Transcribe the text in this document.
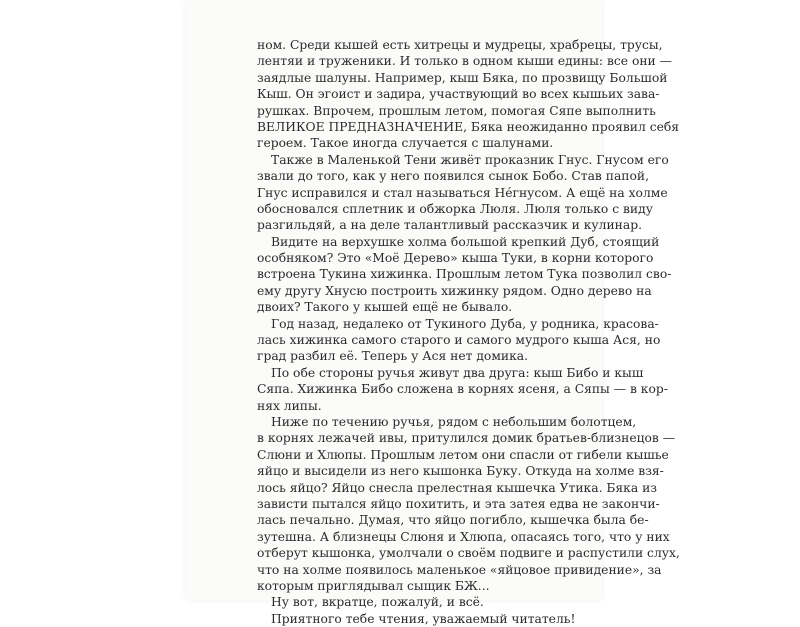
ном. Среди кышей есть хитрецы и мудрецы, храбрецы, трусы,
лентяи и труженики. И только в одном кыши едины: все они —
заядлые шалуны. Например, кыш Бяка, по прозвищу Большой
Кыш. Он эгоист и задира, участвующий во всех кышьих зава-
рушках. Впрочем, прошлым летом, помогая Сяпе выполнить
ВЕЛИКОЕ ПРЕДНАЗНАЧЕНИЕ, Бяка неожиданно проявил себя
героем. Такое иногда случается с шалунами.
Также в Маленькой Тени живёт проказник Гнус. Гнусом его
звали до того, как у него появился сынок Бобо. Став папой,
Гнус исправился и стал называться Нéгнусом. А ещё на холме
обосновался сплетник и обжорка Люля. Люля только с виду
разгильдяй, а на деле талантливый рассказчик и кулинар.
Видите на верхушке холма большой крепкий Дуб, стоящий
особняком? Это «Моё Дерево» кыша Туки, в корни которого
встроена Тукина хижинка. Прошлым летом Тука позволил сво-
ему другу Хнусю построить хижинку рядом. Одно дерево на
двоих? Такого у кышей ещё не бывало.
Год назад, недалеко от Тукиного Дуба, у родника, красова-
лась хижинка самого старого и самого мудрого кыша Ася, но
град разбил её. Теперь у Ася нет домика.
По обе стороны ручья живут два друга: кыш Бибо и кыш
Сяпа. Хижинка Бибо сложена в корнях ясеня, а Сяпы — в кор-
нях липы.
Ниже по течению ручья, рядом с небольшим болотцем,
в корнях лежачей ивы, притулился домик братьев-близнецов —
Слюни и Хлюпы. Прошлым летом они спасли от гибели кышье
яйцо и высидели из него кышонка Буку. Откуда на холме взя-
лось яйцо? Яйцо снесла прелестная кышечка Утика. Бяка из
зависти пытался яйцо похитить, и эта затея едва не закончи-
лась печально. Думая, что яйцо погибло, кышечка была бе-
зутешна. А близнецы Слюня и Хлюпа, опасаясь того, что у них
отберут кышонка, умолчали о своём подвиге и распустили слух,
что на холме появилось маленькое «яйцовое привидение», за
которым приглядывал сыщик БЖ...
Ну вот, вкратце, пожалуй, и всё.
Приятного тебе чтения, уважаемый читатель!
